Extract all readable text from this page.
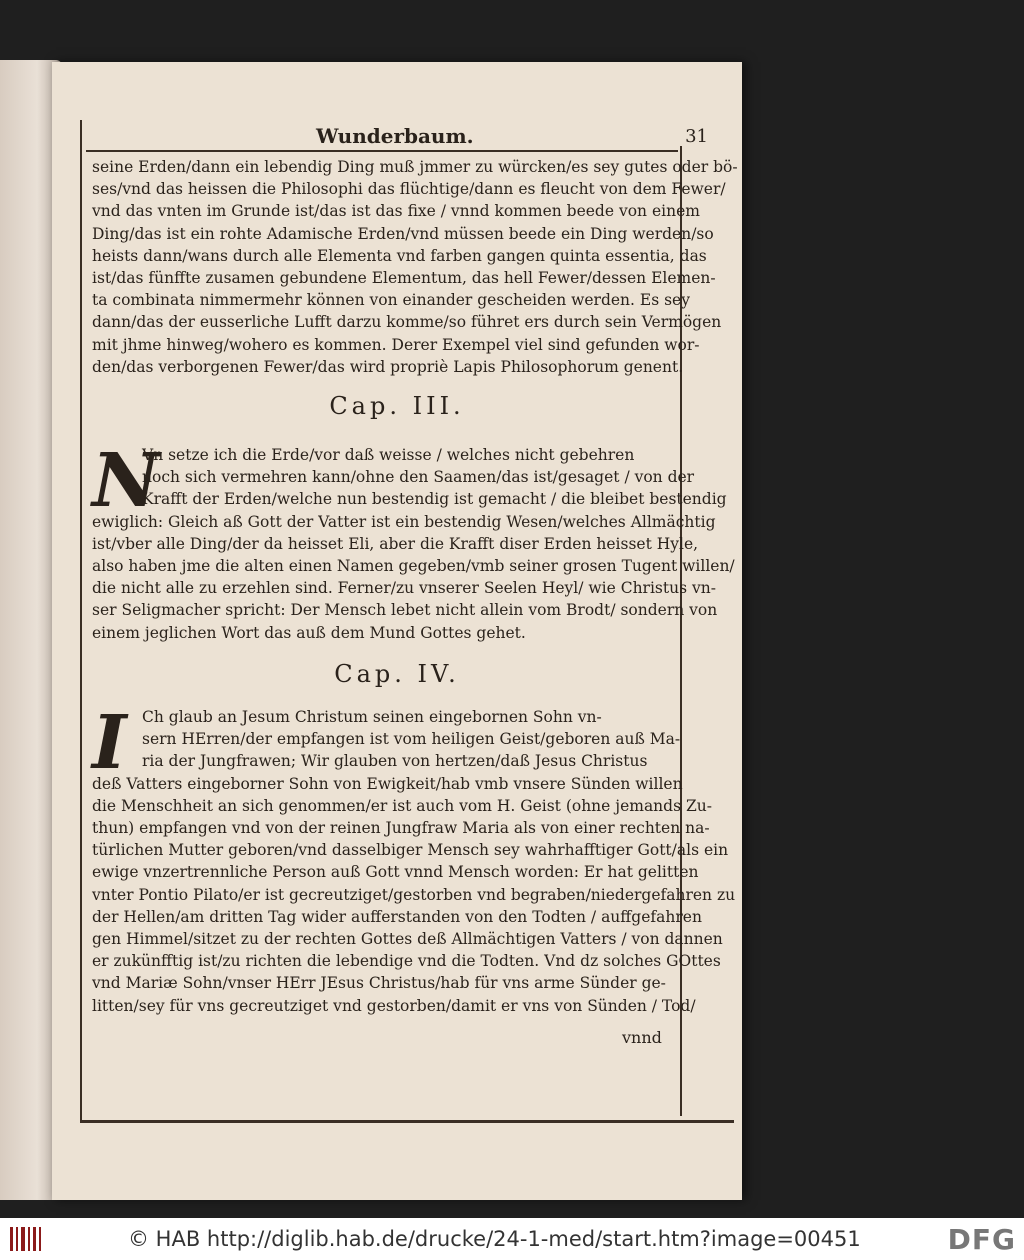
Wunderbaum.	31
seine Erden/dann ein lebendig Ding muß jmmer zu würcken/es sey gutes oder bö-
ses/vnd das heissen die Philosophi das flüchtige/dann es fleucht von dem Fewer/
vnd das vnten im Grunde ist/das ist das fixe / vnnd kommen beede von einem
Ding/das ist ein rohte Adamische Erden/vnd müssen beede ein Ding werden/so
heists dann/wans durch alle Elementa vnd farben gangen quinta essentia, das
ist/das fünffte zusamen gebundene Elementum, das hell Fewer/dessen Elemen-
ta combinata nimmermehr können von einander gescheiden werden. Es sey
dann/das der eusserliche Lufft darzu komme/so führet ers durch sein Vermögen
mit jhme hinweg/wohero es kommen. Derer Exempel viel sind gefunden wor-
den/das verborgenen Fewer/das wird propriè Lapis Philosophorum genent.
Cap. III.
N
Vn setze ich die Erde/vor daß weisse / welches nicht gebehren
noch sich vermehren kann/ohne den Saamen/das ist/gesaget / von der
Krafft der Erden/welche nun bestendig ist gemacht / die bleibet bestendig
ewiglich: Gleich aß Gott der Vatter ist ein bestendig Wesen/welches Allmächtig
ist/vber alle Ding/der da heisset Eli, aber die Krafft diser Erden heisset Hyle,
also haben jme die alten einen Namen gegeben/vmb seiner grosen Tugent willen/
die nicht alle zu erzehlen sind. Ferner/zu vnserer Seelen Heyl/ wie Christus vn-
ser Seligmacher spricht: Der Mensch lebet nicht allein vom Brodt/ sondern von
einem jeglichen Wort das auß dem Mund Gottes gehet.
Cap. IV.
I Ch glaub an Jesum Christum seinen eingebornen Sohn vn-
sern HErren/der empfangen ist vom heiligen Geist/geboren auß Ma-
ria der Jungfrawen; Wir glauben von hertzen/daß Jesus Christus
deß Vatters eingeborner Sohn von Ewigkeit/hab vmb vnsere Sünden willen
die Menschheit an sich genommen/er ist auch vom H. Geist (ohne jemands Zu-
thun) empfangen vnd von der reinen Jungfraw Maria als von einer rechten na-
türlichen Mutter geboren/vnd dasselbiger Mensch sey wahrhafftiger Gott/als ein
ewige vnzertrennliche Person auß Gott vnnd Mensch worden: Er hat gelitten
vnter Pontio Pilato/er ist gecreutziget/gestorben vnd begraben/niedergefahren zu
der Hellen/am dritten Tag wider aufferstanden von den Todten / auffgefahren
gen Himmel/sitzet zu der rechten Gottes deß Allmächtigen Vatters / von dannen
er zukünfftig ist/zu richten die lebendige vnd die Todten. Vnd dz solches GOttes
vnd Mariæ Sohn/vnser HErr JEsus Christus/hab für vns arme Sünder ge-
litten/sey für vns gecreutziget vnd gestorben/damit er vns von Sünden / Tod/
vnnd
© HAB http://diglib.hab.de/drucke/24-1-med/start.htm?image=00451	DFG
